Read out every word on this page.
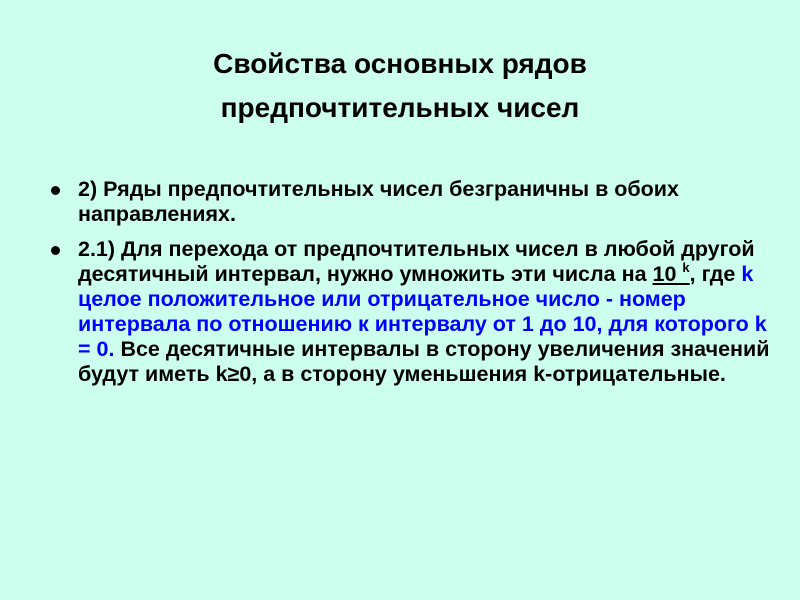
Свойства основных рядов
предпочтительных чисел
2) Ряды предпочтительных чисел безграничны в обоих направлениях.
2.1) Для перехода от предпочтительных чисел в любой другой десятичный интервал, нужно умножить эти числа на 10 $^k$, где k целое положительное или отрицательное число - номер интервала по отношению к интервалу от 1 до 10, для которого k = 0. Все десятичные интервалы в сторону увеличения значений будут иметь k≥0, а в сторону уменьшения k-отрицательные.
